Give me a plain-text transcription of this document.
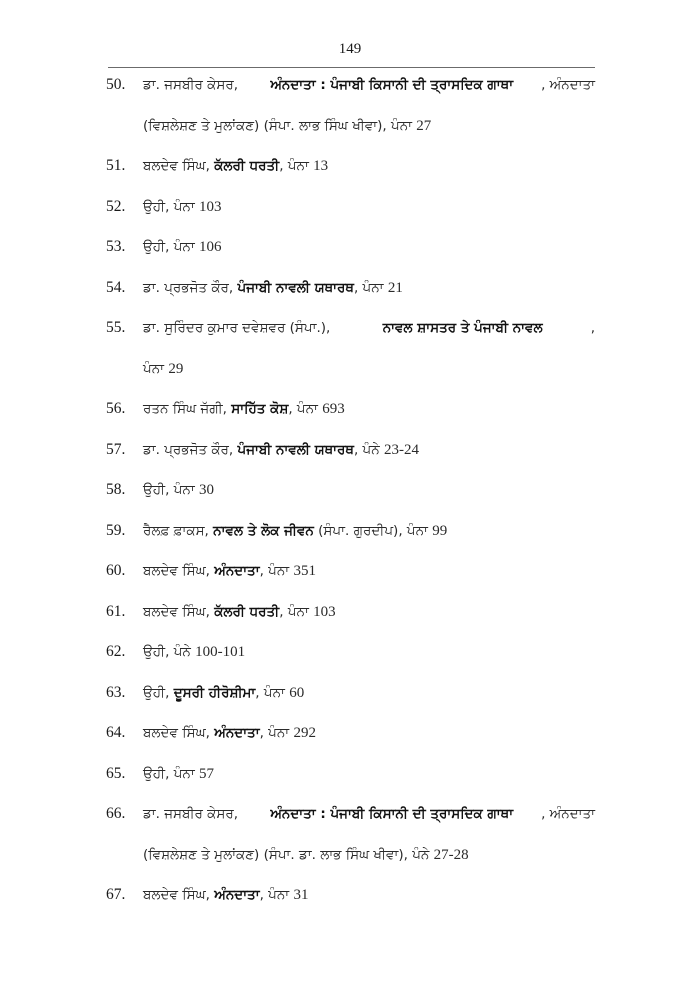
149
50. ਡਾ. ਜਸਬੀਰ ਕੇਸਰ, ਅੰਨਦਾਤਾ : ਪੰਜਾਬੀ ਕਿਸਾਨੀ ਦੀ ਤ੍ਰਾਸਦਿਕ ਗਾਥਾ , ਅੰਨਦਾਤਾ
(ਵਿਸ਼ਲੇਸ਼ਣ ਤੇ ਮੁਲਾਂਕਣ) (ਸੰਪਾ. ਲਾਭ ਸਿੰਘ ਖੀਵਾ), ਪੰਨਾ 27
51. ਬਲਦੇਵ ਸਿੰਘ, ਕੱਲਰੀ ਧਰਤੀ, ਪੰਨਾ 13
52. ਉਹੀ, ਪੰਨਾ 103
53. ਉਹੀ, ਪੰਨਾ 106
54. ਡਾ. ਪ੍ਰਭਜੋਤ ਕੌਰ, ਪੰਜਾਬੀ ਨਾਵਲੀ ਯਥਾਰਥ, ਪੰਨਾ 21
55. ਡਾ. ਸੁਰਿੰਦਰ ਕੁਮਾਰ ਦਵੇਸ਼ਵਰ (ਸੰਪਾ.),	ਨਾਵਲ ਸ਼ਾਸਤਰ ਤੇ ਪੰਜਾਬੀ ਨਾਵਲ	,
ਪੰਨਾ 29
56. ਰਤਨ ਸਿੰਘ ਜੱਗੀ, ਸਾਹਿੱਤ ਕੋਸ਼, ਪੰਨਾ 693
57. ਡਾ. ਪ੍ਰਭਜੋਤ ਕੌਰ, ਪੰਜਾਬੀ ਨਾਵਲੀ ਯਥਾਰਥ, ਪੰਨੇ 23-24
58. ਉਹੀ, ਪੰਨਾ 30
59. ਰੈਲਫ਼ ਫ਼ਾਕਸ, ਨਾਵਲ ਤੇ ਲੋਕ ਜੀਵਨ (ਸੰਪਾ. ਗੁਰਦੀਪ), ਪੰਨਾ 99
60. ਬਲਦੇਵ ਸਿੰਘ, ਅੰਨਦਾਤਾ, ਪੰਨਾ 351
61. ਬਲਦੇਵ ਸਿੰਘ, ਕੱਲਰੀ ਧਰਤੀ, ਪੰਨਾ 103
62. ਉਹੀ, ਪੰਨੇ 100-101
63. ਉਹੀ, ਦੂਸਰੀ ਹੀਰੋਸ਼ੀਮਾ, ਪੰਨਾ 60
64. ਬਲਦੇਵ ਸਿੰਘ, ਅੰਨਦਾਤਾ, ਪੰਨਾ 292
65. ਉਹੀ, ਪੰਨਾ 57
66. ਡਾ. ਜਸਬੀਰ ਕੇਸਰ, ਅੰਨਦਾਤਾ : ਪੰਜਾਬੀ ਕਿਸਾਨੀ ਦੀ ਤ੍ਰਾਸਦਿਕ ਗਾਥਾ , ਅੰਨਦਾਤਾ
(ਵਿਸ਼ਲੇਸ਼ਣ ਤੇ ਮੁਲਾਂਕਣ) (ਸੰਪਾ. ਡਾ. ਲਾਭ ਸਿੰਘ ਖੀਵਾ), ਪੰਨੇ 27-28
67. ਬਲਦੇਵ ਸਿੰਘ, ਅੰਨਦਾਤਾ, ਪੰਨਾ 31
